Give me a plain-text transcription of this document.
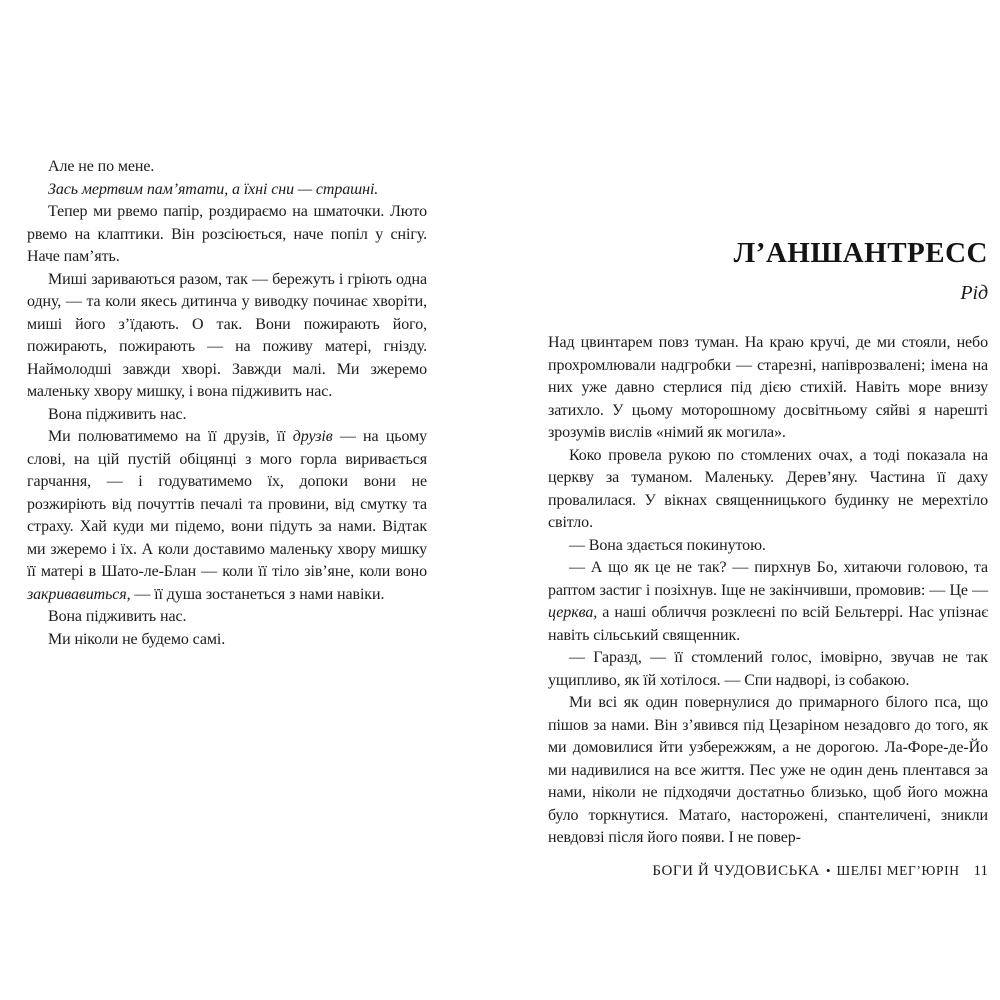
Але не по мене.

Зась мертвим пам’ятати, а їхні сни — страшні.

Тепер ми рвемо папір, роздираємо на шматочки. Люто рвемо на клаптики. Він розсіюється, наче попіл у снігу. Наче пам’ять.

Миші зариваються разом, так — бережуть і гріють одна одну, — та коли якесь дитинча у виводку починає хворіти, миші його з’їдають. О так. Вони пожирають його, пожирають, пожирають — на поживу матері, гнізду. Наймолодші завжди хворі. Завжди малі. Ми зжеремо маленьку хвору мишку, і вона підживить нас.

Вона підживить нас.

Ми полюватимемо на її друзів, її друзів — на цьому слові, на цій пустій обіцянці з мого горла виривається гарчання, — і годуватимемо їх, допоки вони не розжиріють від почуттів печалі та провини, від смутку та страху. Хай куди ми підемо, вони підуть за нами. Відтак ми зжеремо і їх. А коли доставимо маленьку хвору мишку її матері в Шато-ле-Блан — коли її тіло зів’яне, коли воно закривавиться, — її душа зостанеться з нами навіки.

Вона підживить нас.

Ми ніколи не будемо самі.

Л’АНШАНТРЕСС

Рід

Над цвинтарем повз туман. На краю кручі, де ми стояли, небо прохромлювали надгробки — старезні, напіврозвалені; імена на них уже давно стерлися під дією стихій. Навіть море внизу затихло. У цьому моторошному досвітньому сяйві я нарешті зрозумів вислів «німий як могила».

Коко провела рукою по стомлених очах, а тоді показала на церкву за туманом. Маленьку. Дерев’яну. Частина її даху провалилася. У вікнах священницького будинку не мерехтіло світло.

— Вона здається покинутою.

— А що як це не так? — пирхнув Бо, хитаючи головою, та раптом застиг і позіхнув. Іще не закінчивши, промовив: — Це — церква, а наші обличчя розклеєні по всій Бельтеррі. Нас упізнає навіть сільський священник.

— Гаразд, — її стомлений голос, імовірно, звучав не так ущипливо, як їй хотілося. — Спи надворі, із собакою.

Ми всі як один повернулися до примарного білого пса, що пішов за нами. Він з’явився під Цезаріном незадовго до того, як ми домовилися йти узбережжям, а не дорогою. Ла-Форе-де-Йо ми надивилися на все життя. Пес уже не один день плентався за нами, ніколи не підходячи достатньо близько, щоб його можна було торкнутися. Матаґо, насторожені, спантеличені, зникли невдовзі після його появи. І не повер-

БОГИ Й ЧУДОВИСЬКА • ШЕЛБІ МЕГ’ЮРІН 11
